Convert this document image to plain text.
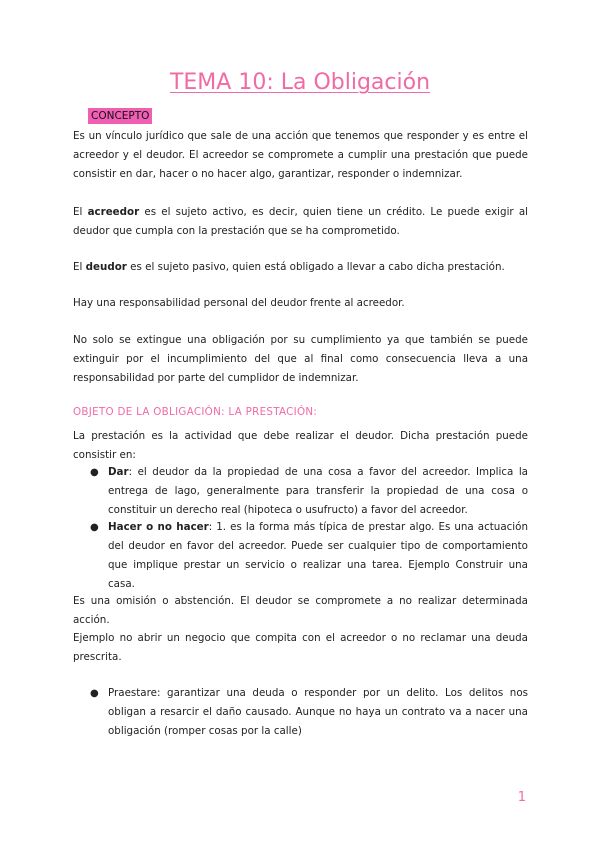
TEMA 10: La Obligación
CONCEPTO

Es un vínculo jurídico que sale de una acción que tenemos que responder y es entre el acreedor y el deudor. El acreedor se compromete a cumplir una prestación que puede consistir en dar, hacer o no hacer algo, garantizar, responder o indemnizar.

El acreedor es el sujeto activo, es decir, quien tiene un crédito. Le puede exigir al deudor que cumpla con la prestación que se ha comprometido.

El deudor es el sujeto pasivo, quien está obligado a llevar a cabo dicha prestación.

Hay una responsabilidad personal del deudor frente al acreedor.

No solo se extingue una obligación por su cumplimiento ya que también se puede extinguir por el incumplimiento del que al final como consecuencia lleva a una responsabilidad por parte del cumplidor de indemnizar.

OBJETO DE LA OBLIGACIÓN: LA PRESTACIÓN:

La prestación es la actividad que debe realizar el deudor. Dicha prestación puede consistir en:

● Dar: el deudor da la propiedad de una cosa a favor del acreedor. Implica la entrega de lago, generalmente para transferir la propiedad de una cosa o constituir un derecho real (hipoteca o usufructo) a favor del acreedor.
● Hacer o no hacer: 1. es la forma más típica de prestar algo. Es una actuación del deudor en favor del acreedor. Puede ser cualquier tipo de comportamiento que implique prestar un servicio o realizar una tarea. Ejemplo Construir una casa.

Es una omisión o abstención. El deudor se compromete a no realizar determinada acción.

Ejemplo no abrir un negocio que compita con el acreedor o no reclamar una deuda prescrita.

● Praestare: garantizar una deuda o responder por un delito. Los delitos nos obligan a resarcir el daño causado. Aunque no haya un contrato va a nacer una obligación (romper cosas por la calle)
1
